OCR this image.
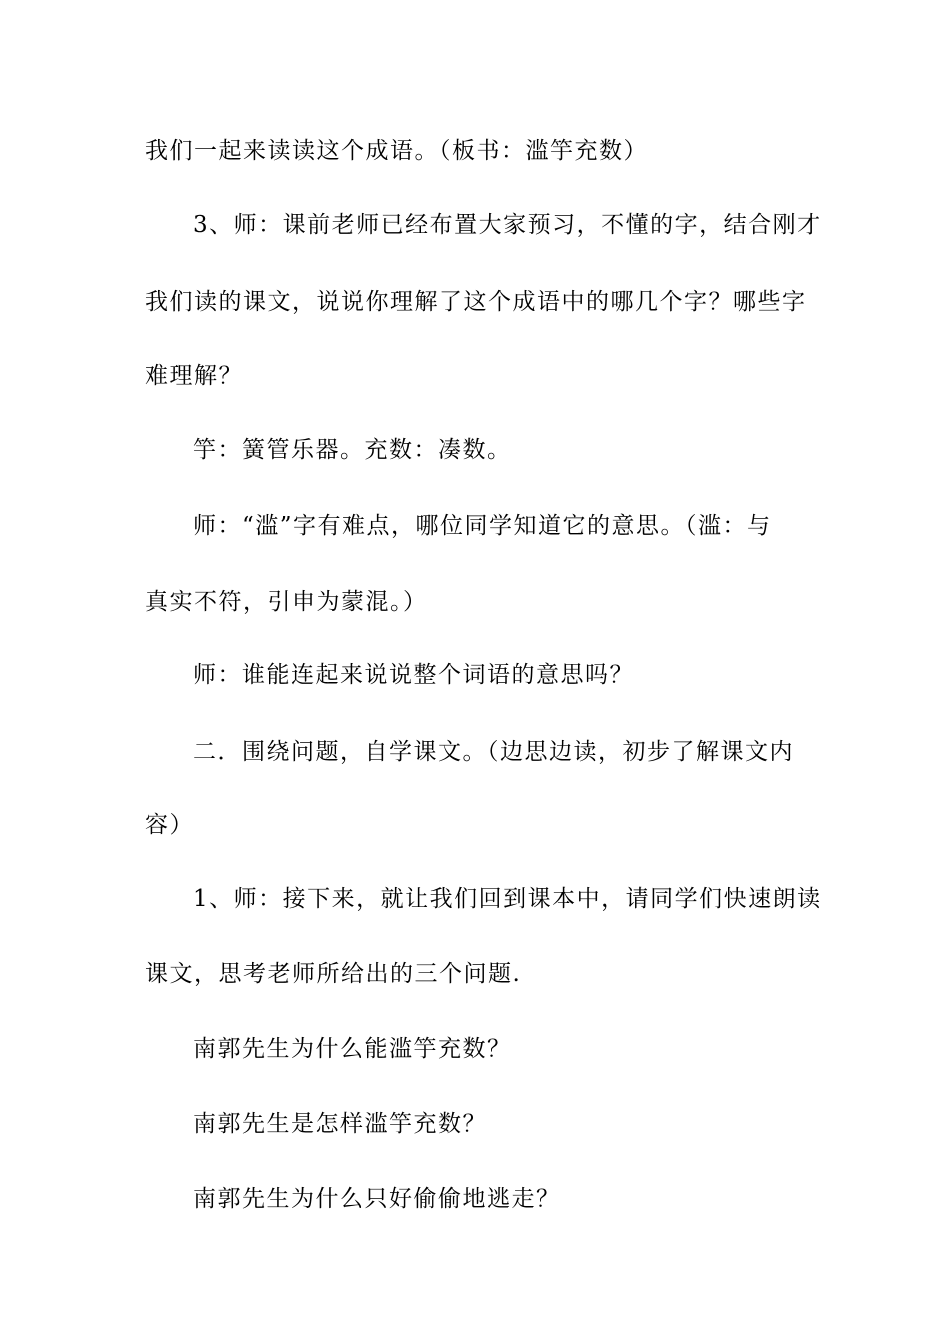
我们一起来读读这个成语。（板书：滥竽充数）
3、师：课前老师已经布置大家预习，不懂的字，结合刚才
我们读的课文，说说你理解了这个成语中的哪几个字？哪些字
难理解？
竽：簧管乐器。充数：凑数。
师：“滥”字有难点，哪位同学知道它的意思。（滥：与
真实不符，引申为蒙混。）
师：谁能连起来说说整个词语的意思吗？
二．围绕问题，自学课文。（边思边读，初步了解课文内
容）
1、师：接下来，就让我们回到课本中，请同学们快速朗读
课文，思考老师所给出的三个问题.
南郭先生为什么能滥竽充数？
南郭先生是怎样滥竽充数？
南郭先生为什么只好偷偷地逃走？
